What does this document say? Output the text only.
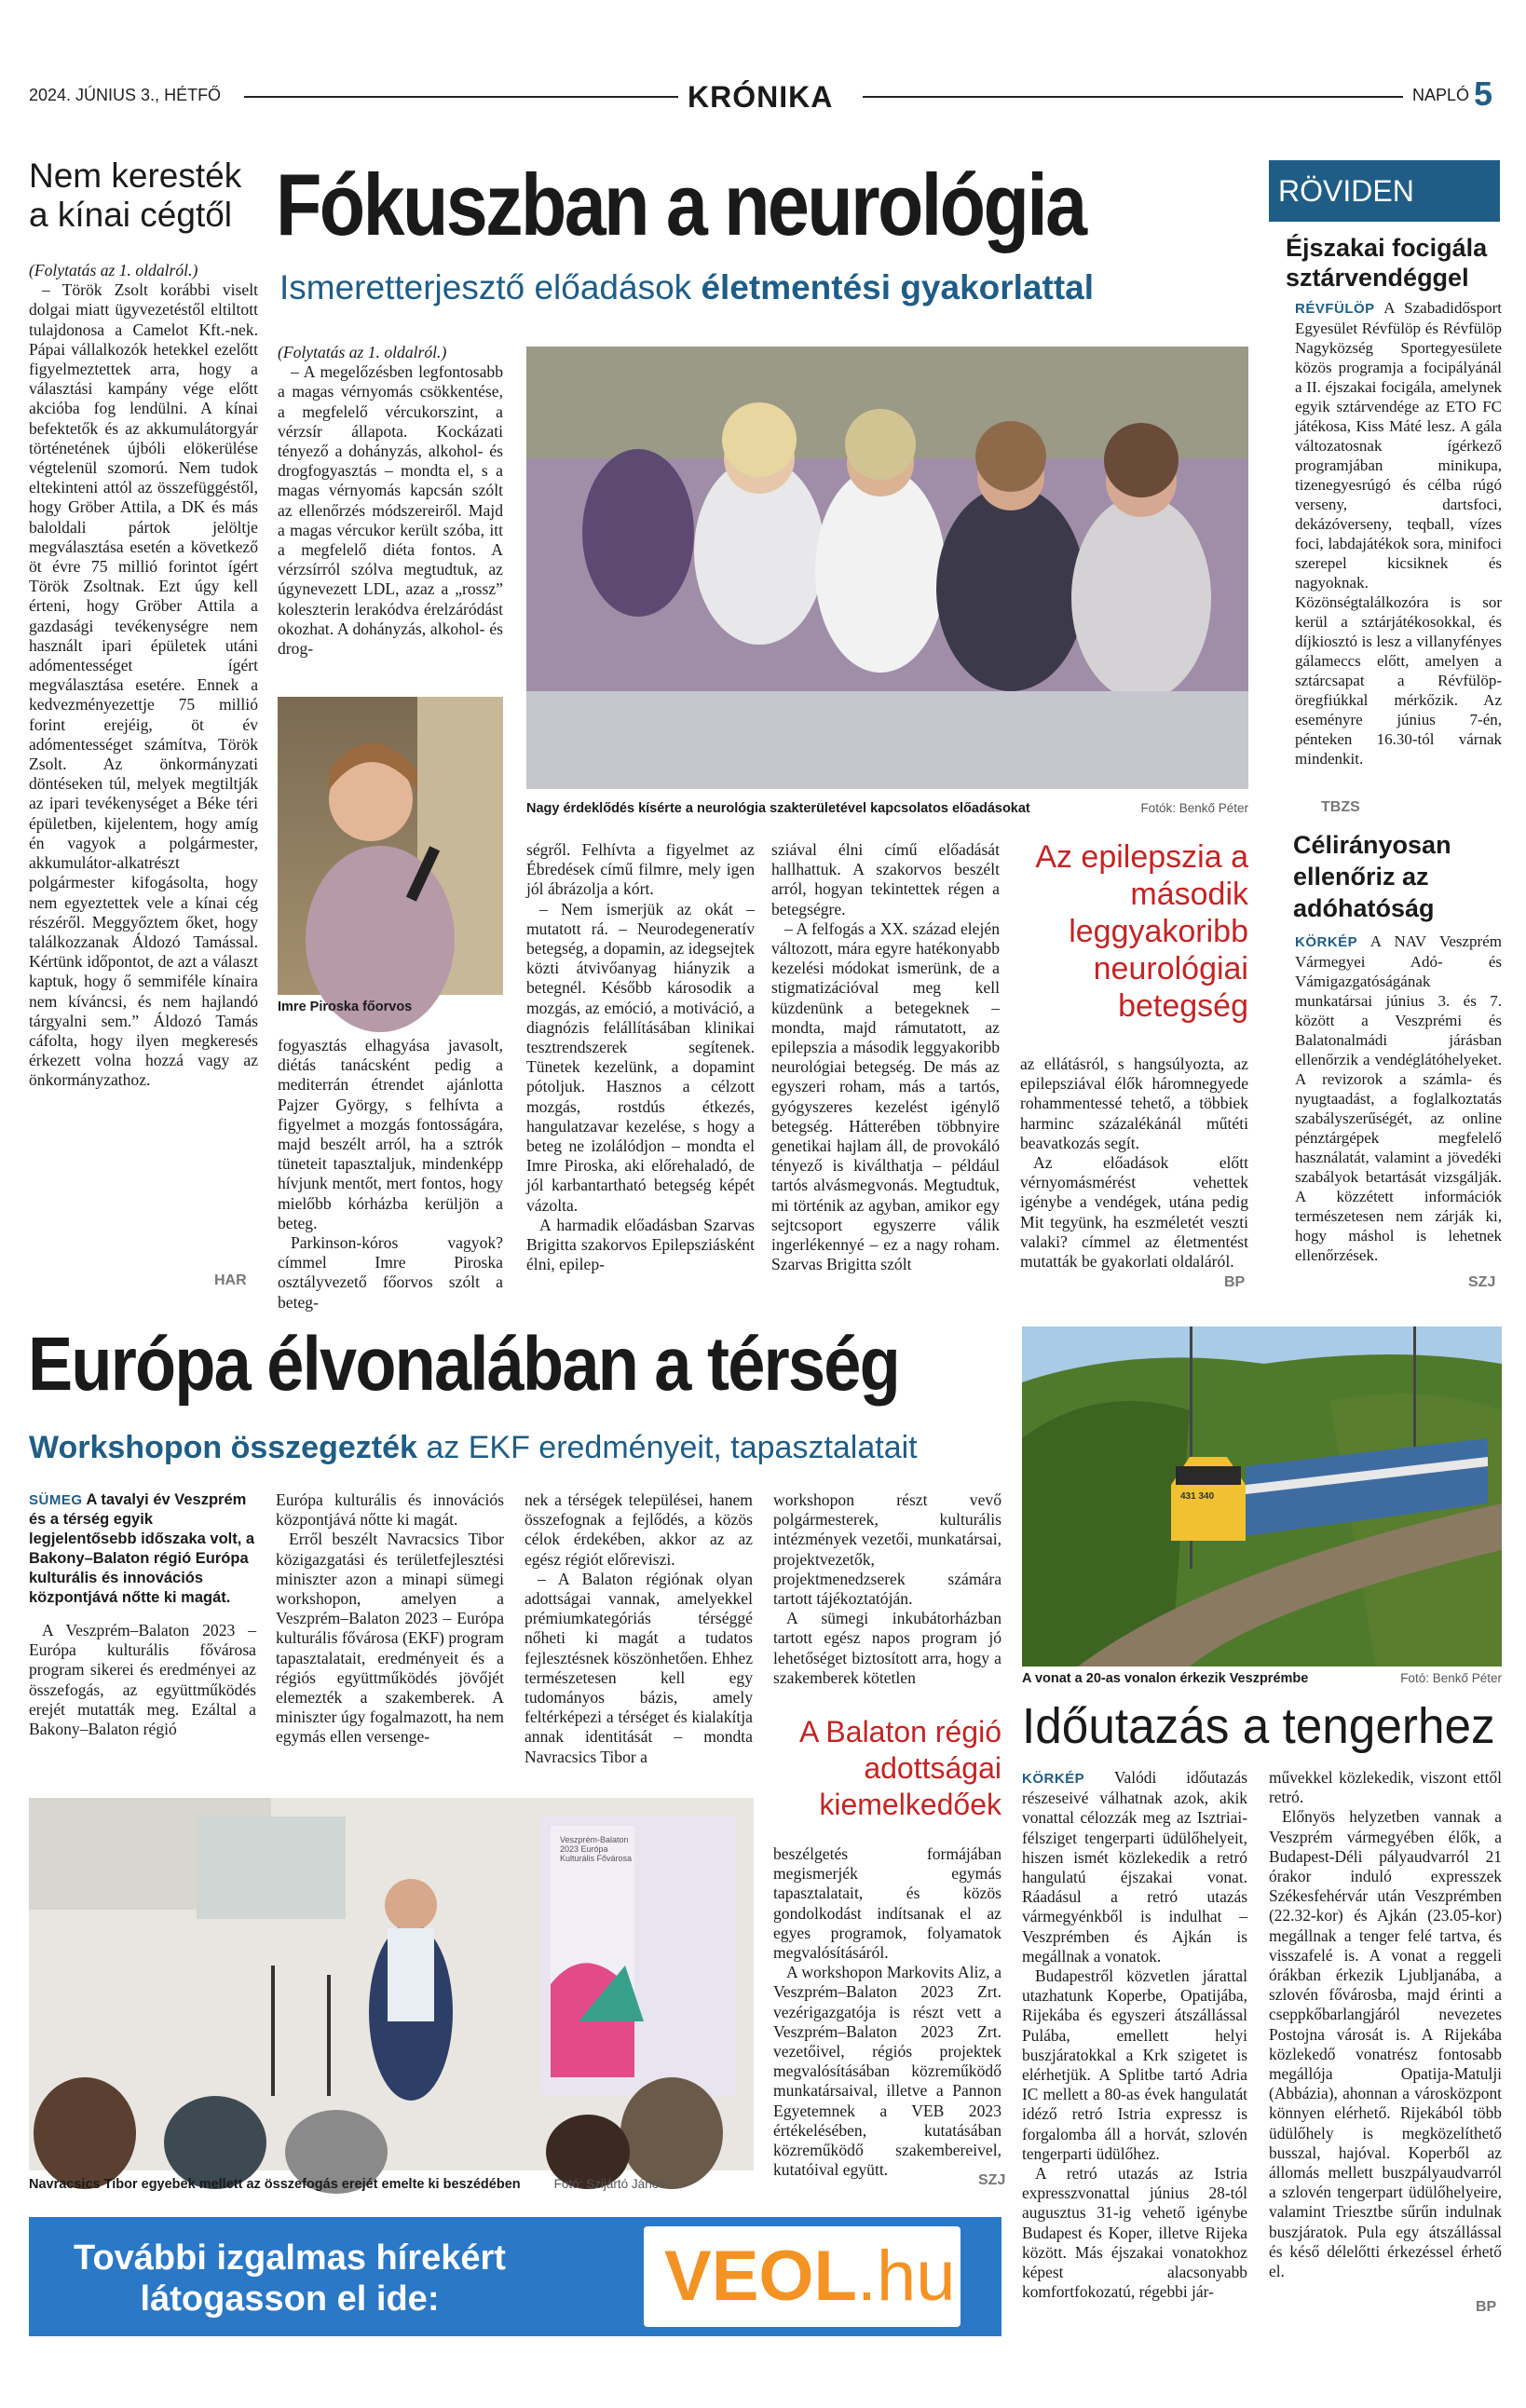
2024. JÚNIUS 3., HÉTFŐ	KRÓNIKA	NAPLÓ 5
Nem keresték a kínai cégtől

(Folytatás az 1. oldalról.)

– Török Zsolt korábbi viselt dolgai miatt ügyvezetéstől eltiltott tulajdonosa a Camelot Kft.-nek. Pápai vállalkozók hetekkel ezelőtt figyelmeztettek arra, hogy a választási kampány vége előtt akcióba fog lendülni. A kínai befektetők és az akkumulátorgyár történetének újbóli elökerülése végtelenül szomorú. Nem tudok eltekinteni attól az összefüggéstől, hogy Gröber Attila, a DK és más baloldali pártok jelöltje megválasztása esetén a következő öt évre 75 millió forintot ígért Török Zsoltnak. Ezt úgy kell érteni, hogy Gröber Attila a gazdasági tevékenységre nem használt ipari épületek utáni adómentességet ígért megválasztása esetére. Ennek a kedvezményezettje 75 millió forint erejéig, öt év adómentességet számítva, Török Zsolt. Az önkormányzati döntéseken túl, melyek megtiltják az ipari tevékenységet a Béke téri épületben, kijelentem, hogy amíg én vagyok a polgármester, akkumulátor-alkatrészt polgármester kifogásolta, hogy nem egyeztettek vele a kínai cég részéről. Meggyőztem őket, hogy találkozzanak Áldozó Tamással. Kértünk időpontot, de azt a választ kaptuk, hogy ő semmiféle kínaira nem kíváncsi, és nem hajlandó tárgyalni sem.” Áldozó Tamás cáfolta, hogy ilyen megkeresés érkezett volna hozzá vagy az önkormányzathoz.

HAR
Fókuszban a neurológia
Ismeretterjesztő előadások életmentési gyakorlattal

(Folytatás az 1. oldalról.)

– A megelőzésben legfontosabb a magas vérnyomás csökkentése, a megfelelő vércukorszint, a vérzsír állapota. Kockázati tényező a dohányzás, alkohol- és drogfogyasztás – mondta el, s a magas vérnyomás kapcsán szólt az ellenőrzés módszereiről. Majd a magas vércukor került szóba, itt a megfelelő diéta fontos. A vérzsírról szólva megtudtuk, az úgynevezett LDL, azaz a „rossz” koleszterin lerakódva érelzáródást okozhat. A dohányzás, alkohol- és drog-

Nagy érdeklődés kísérte a neurológia szakterületével kapcsolatos előadásokat	Fotók: Benkő Péter
Imre Piroska főorvos

fogyasztás elhagyása javasolt, diétás tanácsként pedig a mediterrán étrendet ajánlotta Pajzer György, s felhívta a figyelmet a mozgás fontosságára, majd beszélt arról, ha a sztrók tüneteit tapasztaljuk, mindenképp hívjunk mentőt, mert fontos, hogy mielőbb kórházba kerüljön a beteg.

Parkinson-kóros vagyok? címmel Imre Piroska osztályvezető főorvos szólt a beteg-

ségről. Felhívta a figyelmet az Ébredések című filmre, mely igen jól ábrázolja a kórt.

– Nem ismerjük az okát – mutatott rá. – Neurodegeneratív betegség, a dopamin, az idegsejtek közti átvivőanyag hiányzik a betegnél. Később károsodik a mozgás, az emóció, a motiváció, a diagnózis felállításában klinikai tesztrendszerek segítenek. Tünetek kezelünk, a dopamint pótoljuk. Hasznos a célzott mozgás, rostdús étkezés, hangulatzavar kezelése, s hogy a beteg ne izolálódjon – mondta el Imre Piroska, aki előrehaladó, de jól karbantartható betegség képét vázolta.

A harmadik előadásban Szarvas Brigitta szakorvos Epilepsziásként élni, epilep-

sziával élni című előadását hallhattuk. A szakorvos beszélt arról, hogyan tekintettek régen a betegségre.

– A felfogás a XX. század elején változott, mára egyre hatékonyabb kezelési módokat ismerünk, de a stigmatizációval meg kell küzdenünk a betegeknek – mondta, majd rámutatott, az epilepszia a második leggyakoribb neurológiai betegség. De más az egyszeri roham, más a tartós, gyógyszeres kezelést igénylő betegség. Hátterében többnyire genetikai hajlam áll, de provokáló tényező is kiválthatja – például tartós alvásmegvonás. Megtudtuk, mi történik az agyban, amikor egy sejtcsoport egyszerre válik ingerlékennyé – ez a nagy roham. Szarvas Brigitta szólt

Az epilepszia a második leggyakoribb neurológiai betegség

az ellátásról, s hangsúlyozta, az epilepsziával élők háromnegyede rohammentessé tehető, a többiek harminc százalékánál műtéti beavatkozás segít.

Az előadások előtt vérnyomásmérést vehettek igénybe a vendégek, utána pedig Mit tegyünk, ha eszméletét veszti valaki? címmel az életmentést mutatták be gyakorlati oldaláról.

BP
RÖVIDEN
Éjszakai focigála sztárvendéggel

RÉVFÜLÖP A Szabadidősport Egyesület Révfülöp és Révfülöp Nagyközség Sportegyesülete közös programja a focipályánál a II. éjszakai focigála, amelynek egyik sztárvendége az ETO FC játékosa, Kiss Máté lesz. A gála változatosnak ígérkező programjában minikupa, tizenegyesrúgó és célba rúgó verseny, dartsfoci, dekázóverseny, teqball, vízes foci, labdajátékok sora, minifoci szerepel kicsiknek és nagyoknak. Közönségtalálkozóra is sor kerül a sztárjátékosokkal, és díjkiosztó is lesz a villanyfényes gálameccs előtt, amelyen a sztárcsapat a Révfülöp-öregfiúkkal mérkőzik. Az eseményre június 7-én, pénteken 16.30-tól várnak mindenkit.

TBZS
Célirányosan ellenőriz az adóhatóság

KÖRKÉP A NAV Veszprém Vármegyei Adó- és Vámigazgatóságának munkatársai június 3. és 7. között a Veszprémi és Balatonalmádi járásban ellenőrzik a vendéglátóhelyeket. A revizorok a számla- és nyugtaadást, a foglalkoztatás szabályszerűségét, az online pénztárgépek megfelelő használatát, valamint a jövedéki szabályok betartását vizsgálják. A közzétett információk természetesen nem zárják ki, hogy máshol is lehetnek ellenőrzések.

SZJ
Európa élvonalában a térség
Workshopon összegezték az EKF eredményeit, tapasztalatait

SÜMEG A tavalyi év Veszprém és a térség egyik legjelentősebb időszaka volt, a Bakony–Balaton régió Európa kulturális és innovációs központjává nőtte ki magát.

A Veszprém–Balaton 2023 – Európa kulturális fővárosa program sikerei és eredményei az összefogás, az együttműködés erejét mutatták meg. Ezáltal a Bakony–Balaton régió

Európa kulturális és innovációs központjává nőtte ki magát.

Erről beszélt Navracsics Tibor közigazgatási és területfejlesztési miniszter azon a minapi sümegi workshopon, amelyen a Veszprém–Balaton 2023 – Európa kulturális fővárosa (EKF) program tapasztalatait, eredményeit és a régiós együttműködés jövőjét elemezték a szakemberek. A miniszter úgy fogalmazott, ha nem egymás ellen versenge-

nek a térségek települései, hanem összefognak a fejlődés, a közös célok érdekében, akkor az az egész régiót előreviszi.

– A Balaton régiónak olyan adottságai vannak, amelyekkel prémiumkategóriás térséggé nőheti ki magát a tudatos fejlesztésnek köszönhetően. Ehhez természetesen kell egy tudományos bázis, amely feltérképezi a térséget és kialakítja annak identitását – mondta Navracsics Tibor a

workshopon részt vevő polgármesterek, kulturális intézmények vezetői, munkatársai, projektvezetők, projektmenedzserek számára tartott tájékoztatóján.

A sümegi inkubátorházban tartott egész napos program jó lehetőséget biztosított arra, hogy a szakemberek kötetlen

A Balaton régió adottságai kiemelkedőek

beszélgetés formájában megismerjék egymás tapasztalatait, és közös gondolkodást indítsanak el az egyes programok, folyamatok megvalósításáról.

A workshopon Markovits Aliz, a Veszprém–Balaton 2023 Zrt. vezérigazgatója is részt vett a Veszprém–Balaton 2023 Zrt. vezetőivel, régiós projektek megvalósításában közreműködő munkatársaival, illetve a Pannon Egyetemnek a VEB 2023 értékelésében, kutatásában közreműködő szakembereivel, kutatóival együtt.

SZJ
Veszprém-Balaton 2023 Európa Kulturális Fővárosa
Navracsics Tibor egyebek mellett az összefogás erejét emelte ki beszédében	Fotó: Szijártó János
431 340
A vonat a 20-as vonalon érkezik Veszprémbe	Fotó: Benkő Péter
Időutazás a tengerhez

KÖRKÉP Valódi időutazás részeseivé válhatnak azok, akik vonattal célozzák meg az Isztriai-félsziget tengerparti üdülőhelyeit, hiszen ismét közlekedik a retró hangulatú éjszakai vonat. Ráadásul a retró utazás vármegyénkből is indulhat – Veszprémben és Ajkán is megállnak a vonatok.

Budapestről közvetlen járattal utazhatunk Koperbe, Opatijába, Rijekába és egyszeri átszállással Pulába, emellett helyi buszjáratokkal a Krk szigetet is elérhetjük. A Splitbe tartó Adria IC mellett a 80-as évek hangulatát idéző retró Istria expressz is forgalomba áll a horvát, szlovén tengerparti üdülőhez.

A retró utazás az Istria expresszvonattal június 28-tól augusztus 31-ig vehető igénybe Budapest és Koper, illetve Rijeka között. Más éjszakai vonatokhoz képest alacsonyabb komfortfokozatú, régebbi jár-

művekkel közlekedik, viszont ettől retró.

Előnyös helyzetben vannak a Veszprém vármegyében élők, a Budapest-Déli pályaudvarról 21 órakor induló expresszek Székesfehérvár után Veszprémben (22.32-kor) és Ajkán (23.05-kor) megállnak a tenger felé tartva, és visszafelé is. A vonat a reggeli órákban érkezik Ljubljanába, a szlovén fővárosba, majd érinti a cseppkőbarlangjáról nevezetes Postojna városát is. A Rijekába közlekedő vonatrész fontosabb megállója Opatija-Matulji (Abbázia), ahonnan a városközpont könnyen elérhető. Rijekából több üdülőhely is megközelíthető busszal, hajóval. Koperből az állomás mellett buszpályaudvarról a szlovén tengerpart üdülőhelyeire, valamint Triesztbe sűrűn indulnak buszjáratok. Pula egy átszállással és késő délelőtti érkezéssel érhető el.

BP
További izgalmas hírekért
látogasson el ide:	VEOL.hu
